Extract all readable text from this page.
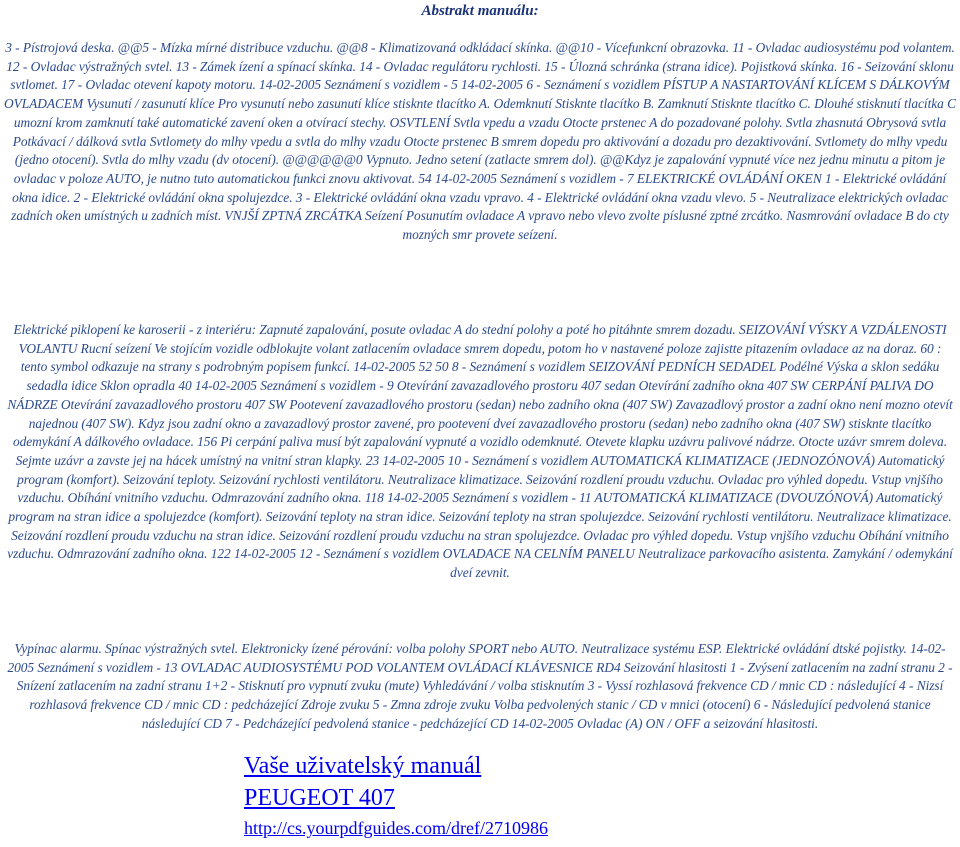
Abstrakt manuálu:
3 - Pístrojová deska. @@5 - Mízka mírné distribuce vzduchu. @@8 - Klimatizovaná odkládací skínka. @@10 - Vícefunkcní obrazovka. 11 - Ovladac audiosystému pod volantem. 12 - Ovladac výstražných svtel. 13 - Zámek ízení a spínací skínka. 14 - Ovladac regulátoru rychlosti. 15 - Úlozná schránka (strana idice). Pojistková skínka. 16 - Seizování sklonu svtlomet. 17 - Ovladac otevení kapoty motoru. 14-02-2005 Seznámení s vozidlem - 5 14-02-2005 6 - Seznámení s vozidlem PÍSTUP A NASTARTOVÁNÍ KLÍCEM S DÁLKOVÝM OVLADACEM Vysunutí / zasunutí klíce Pro vysunutí nebo zasunutí klíce stisknte tlacítko A. Odemknutí Stisknte tlacítko B. Zamknutí Stisknte tlacítko C. Dlouhé stisknutí tlacítka C umozní krom zamknutí také automatické zavení oken a otvírací stechy. OSVTLENÍ Svtla vpedu a vzadu Otocte prstenec A do pozadované polohy. Svtla zhasnutá Obrysová svtla Potkávací / dálková svtla Svtlomety do mlhy vpedu a svtla do mlhy vzadu Otocte prstenec B smrem dopedu pro aktivování a dozadu pro dezaktivování. Svtlomety do mlhy vpedu (jedno otocení). Svtla do mlhy vzadu (dv otocení). @@@@@@0 Vypnuto. Jedno setení (zatlacte smrem dol). @@Kdyz je zapalování vypnuté více nez jednu minutu a pitom je ovladac v poloze AUTO, je nutno tuto automatickou funkci znovu aktivovat. 54 14-02-2005 Seznámení s vozidlem - 7 ELEKTRICKÉ OVLÁDÁNÍ OKEN 1 - Elektrické ovládání okna idice. 2 - Elektrické ovládání okna spolujezdce. 3 - Elektrické ovládání okna vzadu vpravo. 4 - Elektrické ovládání okna vzadu vlevo. 5 - Neutralizace elektrických ovladac zadních oken umístných u zadních míst. VNJŠÍ ZPTNÁ ZRCÁTKA Seízení Posunutím ovladace A vpravo nebo vlevo zvolte píslusné zptné zrcátko. Nasmrování ovladace B do cty mozných smr provete seízení.
Elektrické piklopení ke karoserii - z interiéru: Zapnuté zapalování, posute ovladac A do stední polohy a poté ho pitáhnte smrem dozadu. SEIZOVÁNÍ VÝSKY A VZDÁLENOSTI VOLANTU Rucní seízení Ve stojícím vozidle odblokujte volant zatlacením ovladace smrem dopedu, potom ho v nastavené poloze zajistte pitazením ovladace az na doraz. 60 : tento symbol odkazuje na strany s podrobným popisem funkcí. 14-02-2005 52 50 8 - Seznámení s vozidlem SEIZOVÁNÍ PEDNÍCH SEDADEL Podélné Výska a sklon sedáku sedadla idice Sklon opradla 40 14-02-2005 Seznámení s vozidlem - 9 Otevírání zavazadlového prostoru 407 sedan Otevírání zadního okna 407 SW CERPÁNÍ PALIVA DO NÁDRZE Otevírání zavazadlového prostoru 407 SW Pootevení zavazadlového prostoru (sedan) nebo zadního okna (407 SW) Zavazadlový prostor a zadní okno není mozno otevít najednou (407 SW). Kdyz jsou zadní okno a zavazadlový prostor zavené, pro pootevení dveí zavazadlového prostoru (sedan) nebo zadního okna (407 SW) stisknte tlacítko odemykání A dálkového ovladace. 156 Pi cerpání paliva musí být zapalování vypnuté a vozidlo odemknuté. Otevete klapku uzávru palivové nádrze. Otocte uzávr smrem doleva. Sejmte uzávr a zavste jej na hácek umístný na vnitní stran klapky. 23 14-02-2005 10 - Seznámení s vozidlem AUTOMATICKÁ KLIMATIZACE (JEDNOZÓNOVÁ) Automatický program (komfort). Seizování teploty. Seizování rychlosti ventilátoru. Neutralizace klimatizace. Seizování rozdlení proudu vzduchu. Ovladac pro výhled dopedu. Vstup vnjšího vzduchu. Obíhání vnitního vzduchu. Odmrazování zadního okna. 118 14-02-2005 Seznámení s vozidlem - 11 AUTOMATICKÁ KLIMATIZACE (DVOUZÓNOVÁ) Automatický program na stran idice a spolujezdce (komfort). Seizování teploty na stran idice. Seizování teploty na stran spolujezdce. Seizování rychlosti ventilátoru. Neutralizace klimatizace. Seizování rozdlení proudu vzduchu na stran idice. Seizování rozdlení proudu vzduchu na stran spolujezdce. Ovladac pro výhled dopedu. Vstup vnjšího vzduchu Obíhání vnitního vzduchu. Odmrazování zadního okna. 122 14-02-2005 12 - Seznámení s vozidlem OVLADACE NA CELNÍM PANELU Neutralizace parkovacího asistenta. Zamykání / odemykání dveí zevnit.
Vypínac alarmu. Spínac výstražných svtel. Elektronicky ízené pérování: volba polohy SPORT nebo AUTO. Neutralizace systému ESP. Elektrické ovládání dtské pojistky. 14-02-2005 Seznámení s vozidlem - 13 OVLADAC AUDIOSYSTÉMU POD VOLANTEM OVLÁDACÍ KLÁVESNICE RD4 Seizování hlasitosti 1 - Zvýsení zatlacením na zadní stranu 2 - Snízení zatlacením na zadní stranu 1+2 - Stisknutí pro vypnutí zvuku (mute) Vyhledávání / volba stisknutím 3 - Vyssí rozhlasová frekvence CD / mnic CD : následující 4 - Nizsí rozhlasová frekvence CD / mnic CD : pedcházející Zdroje zvuku 5 - Zmna zdroje zvuku Volba pedvolených stanic / CD v mnici (otocení) 6 - Následující pedvolená stanice následující CD 7 - Pedcházející pedvolená stanice - pedcházející CD 14-02-2005 Ovladac (A) ON / OFF a seizování hlasitosti.
Vaše uživatelský manuál
PEUGEOT 407
http://cs.yourpdfguides.com/dref/2710986
